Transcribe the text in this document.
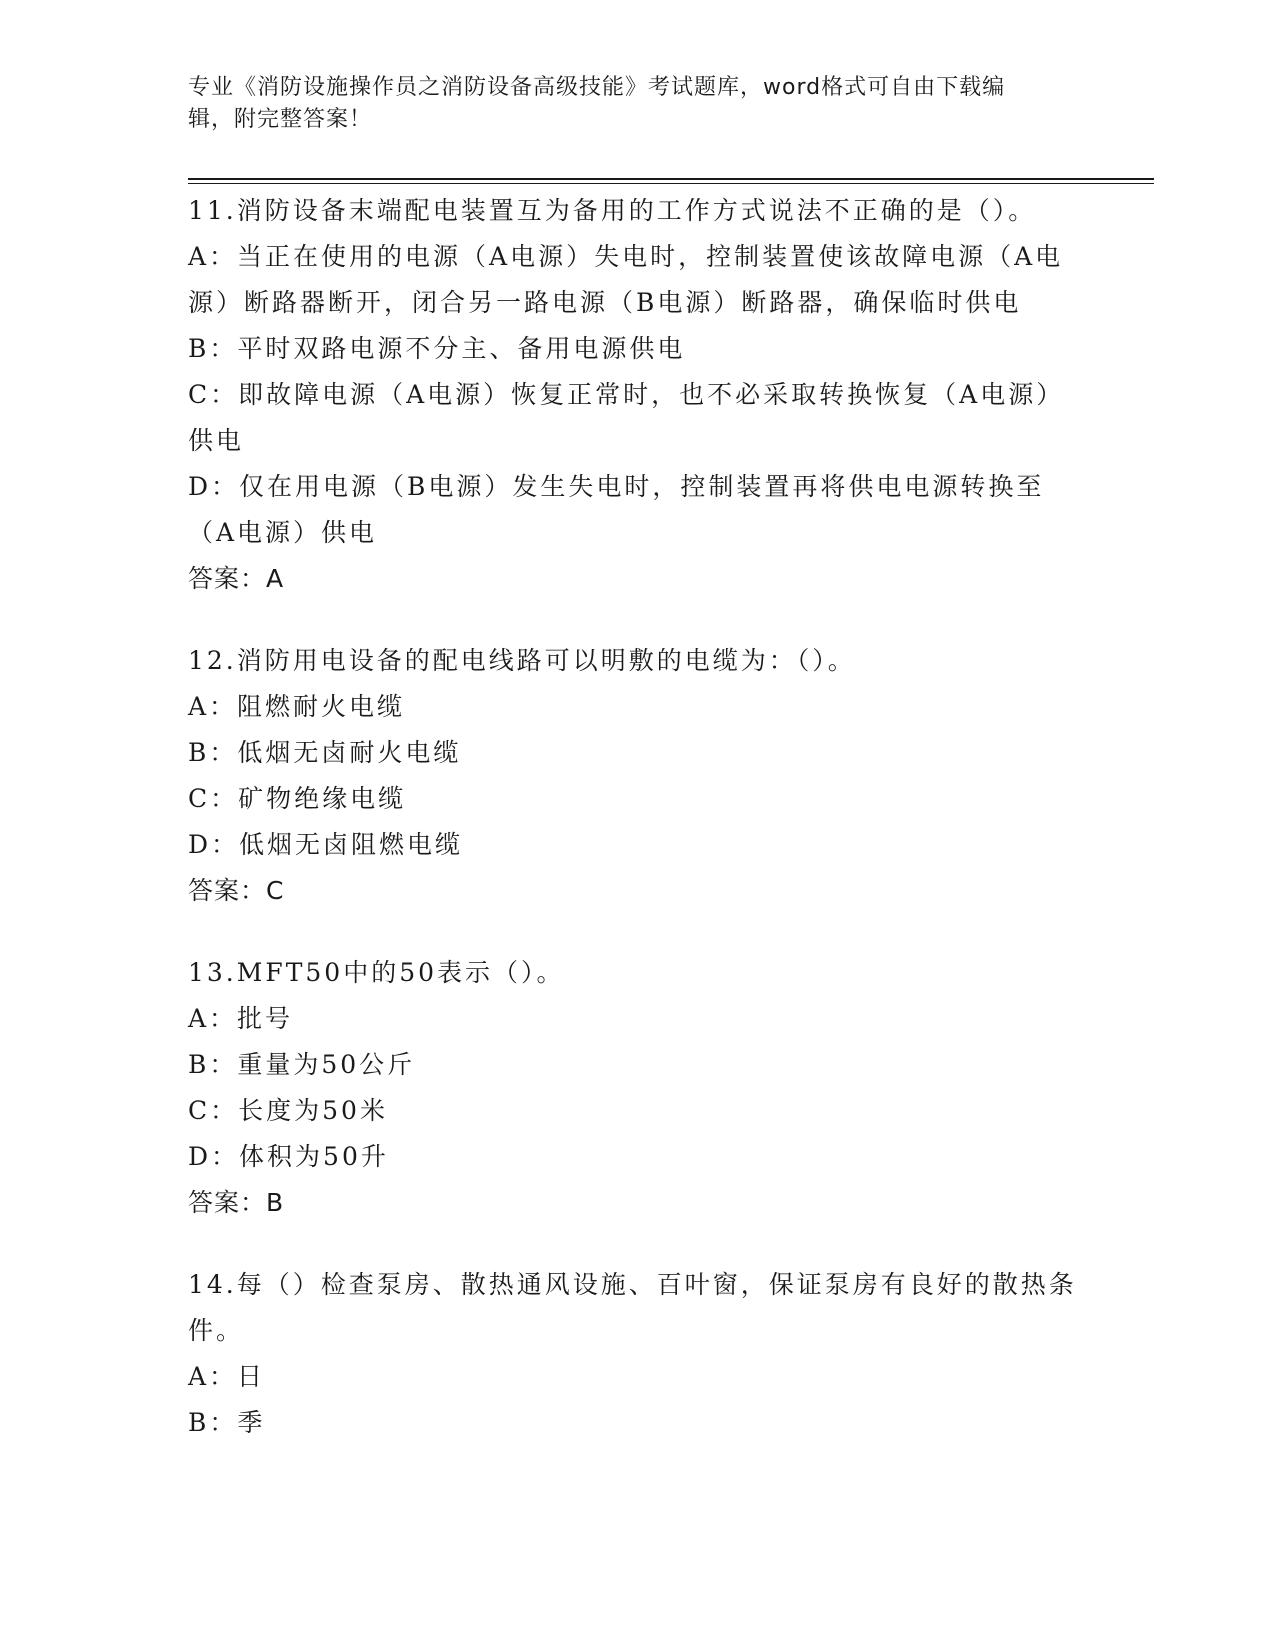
专业《消防设施操作员之消防设备高级技能》考试题库，word格式可自由下载编
辑，附完整答案！
11.消防设备末端配电装置互为备用的工作方式说法不正确的是（）。
A：当正在使用的电源（A电源）失电时，控制装置使该故障电源（A电源）断路器断开，闭合另一路电源（B电源）断路器，确保临时供电
B：平时双路电源不分主、备用电源供电
C：即故障电源（A电源）恢复正常时，也不必采取转换恢复（A电源）供电
D：仅在用电源（B电源）发生失电时，控制装置再将供电电源转换至（A电源）供电
答案：A
12.消防用电设备的配电线路可以明敷的电缆为：（）。
A：阻燃耐火电缆
B：低烟无卤耐火电缆
C：矿物绝缘电缆
D：低烟无卤阻燃电缆
答案：C
13.MFT50中的50表示（）。
A：批号
B：重量为50公斤
C：长度为50米
D：体积为50升
答案：B
14.每（）检查泵房、散热通风设施、百叶窗，保证泵房有良好的散热条件。
A：日
B：季
